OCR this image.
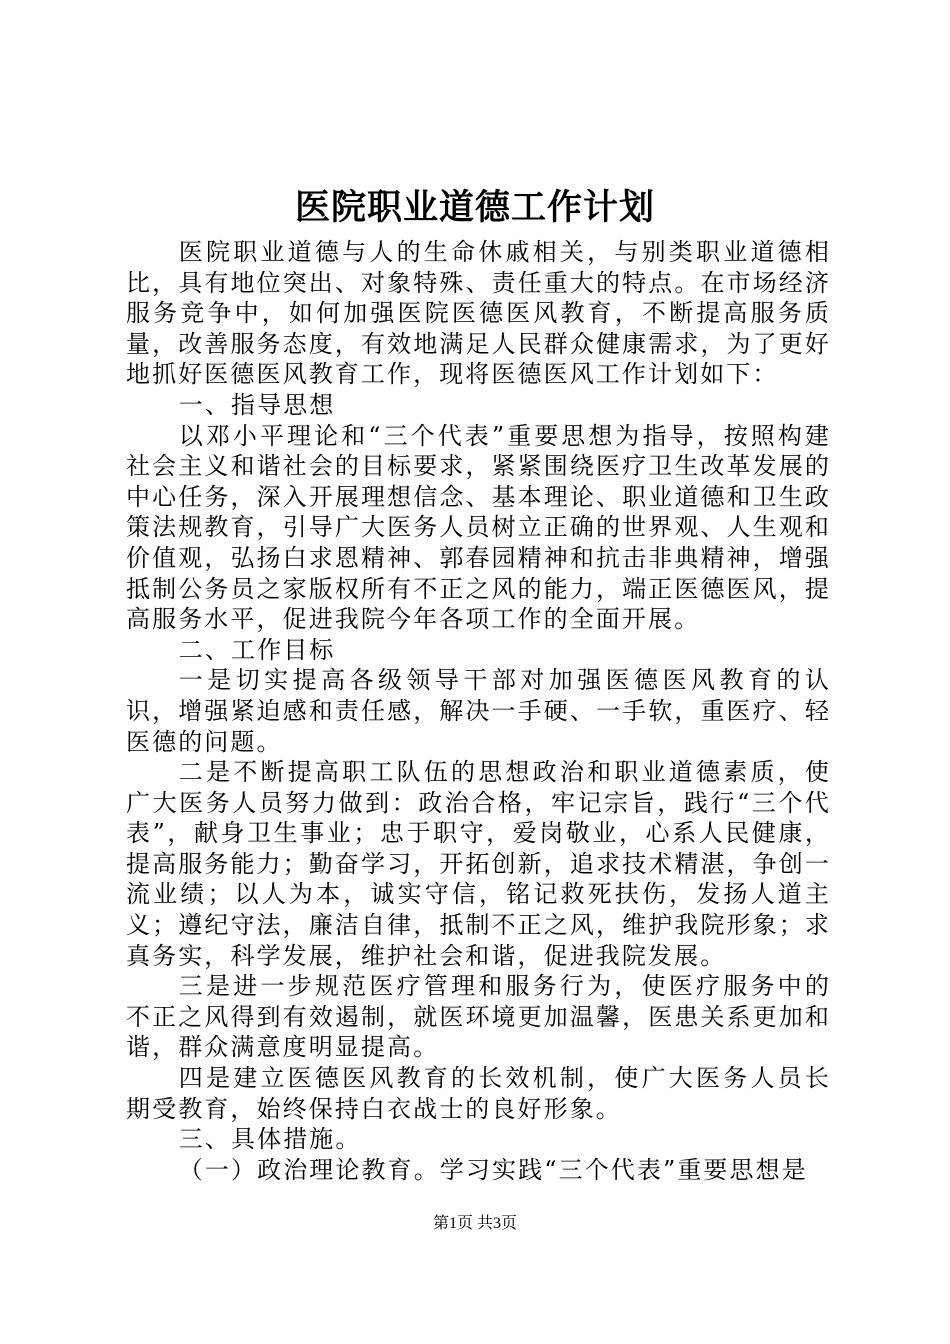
医院职业道德工作计划

医院职业道德与人的生命休戚相关，与别类职业道德相比，具有地位突出、对象特殊、责任重大的特点。在市场经济服务竞争中，如何加强医院医德医风教育，不断提高服务质量，改善服务态度，有效地满足人民群众健康需求，为了更好地抓好医德医风教育工作，现将医德医风工作计划如下：

一、指导思想

以邓小平理论和“三个代表”重要思想为指导，按照构建社会主义和谐社会的目标要求，紧紧围绕医疗卫生改革发展的中心任务，深入开展理想信念、基本理论、职业道德和卫生政策法规教育，引导广大医务人员树立正确的世界观、人生观和价值观，弘扬白求恩精神、郭春园精神和抗击非典精神，增强抵制公务员之家版权所有不正之风的能力，端正医德医风，提高服务水平，促进我院今年各项工作的全面开展。

二、工作目标

一是切实提高各级领导干部对加强医德医风教育的认识，增强紧迫感和责任感，解决一手硬、一手软，重医疗、轻医德的问题。

二是不断提高职工队伍的思想政治和职业道德素质，使广大医务人员努力做到：政治合格，牢记宗旨，践行“三个代表”，献身卫生事业；忠于职守，爱岗敬业，心系人民健康，提高服务能力；勤奋学习，开拓创新，追求技术精湛，争创一流业绩；以人为本，诚实守信，铭记救死扶伤，发扬人道主义；遵纪守法，廉洁自律，抵制不正之风，维护我院形象；求真务实，科学发展，维护社会和谐，促进我院发展。

三是进一步规范医疗管理和服务行为，使医疗服务中的不正之风得到有效遏制，就医环境更加温馨，医患关系更加和谐，群众满意度明显提高。

四是建立医德医风教育的长效机制，使广大医务人员长期受教育，始终保持白衣战士的良好形象。

三、具体措施。

（一）政治理论教育。学习实践“三个代表”重要思想是

第1页 共3页
